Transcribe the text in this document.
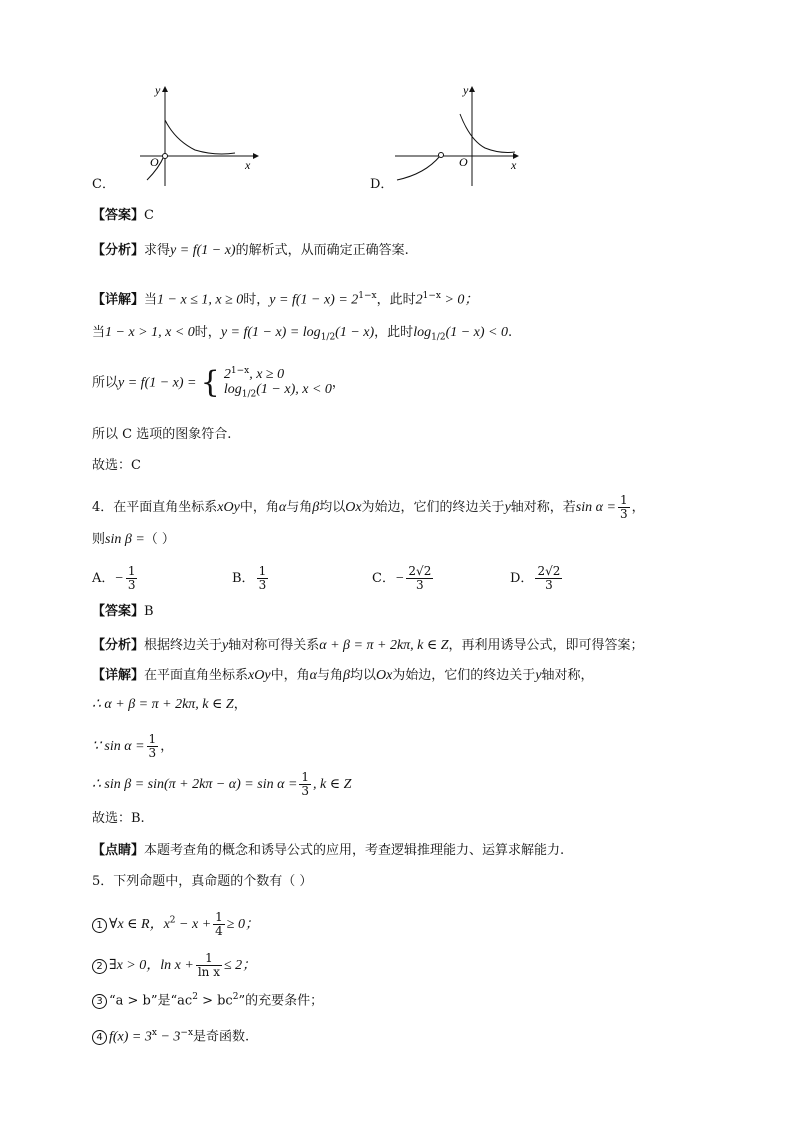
y
x
O
C．
y
x
O
D．
【答案】C
【分析】求得y = f(1 − x)的解析式，从而确定正确答案.
【详解】当1 − x ≤ 1, x ≥ 0时，$y = f(1 - x) = 2^{1-x}$，此时$2^{1-x} > 0$；
当1 − x > 1, x < 0时，$y = f(1 - x) = \log_{1/2}(1 - x)$，此时$\log_{1/2}(1 - x) < 0$.
所以y = f(1 − x) = { $2^{1-x}$, x ≥ 0
$\log_{1/2}(1 - x)$, x < 0 ，
所以 C 选项的图象符合.
故选：C
4．在平面直角坐标系xOy中，角α与角β均以Ox为始边，它们的终边关于y轴对称，若$\sin \alpha = \frac{1}{3}$ ，
则sin β =（ ）
A．− $\frac{1}{3}$	B． $\frac{1}{3}$	C．− $\frac{2√2}{3}$	D． $\frac{2√2}{3}$
【答案】B
【分析】根据终边关于y轴对称可得关系α + β = π + 2kπ, k ∈ Z，再利用诱导公式，即可得答案；
【详解】在平面直角坐标系xOy中，角α与角β均以Ox为始边，它们的终边关于y轴对称，
∴ α + β = π + 2kπ, k ∈ Z，
∵ $\sin \alpha = \frac{1}{3}$ ，
∴ $\sin \beta = \sin(\pi + 2k\pi - \alpha) = \sin \alpha = \frac{1}{3}$ , k ∈ Z
故选：B.
【点睛】本题考查角的概念和诱导公式的应用，考查逻辑推理能力、运算求解能力.
5．下列命题中，真命题的个数有（ ）
1 ∀x ∈ R，$x^2 - x + \frac{1}{4} \ge 0$；
2 ∃x > 0，$\ln x + \frac{1}{\text{ln x}} \le 2$；
3 “a > b”是“$ac^2 > bc^2$”的充要条件；
4 $f(x) = 3^x - 3^{-x}$是奇函数.
